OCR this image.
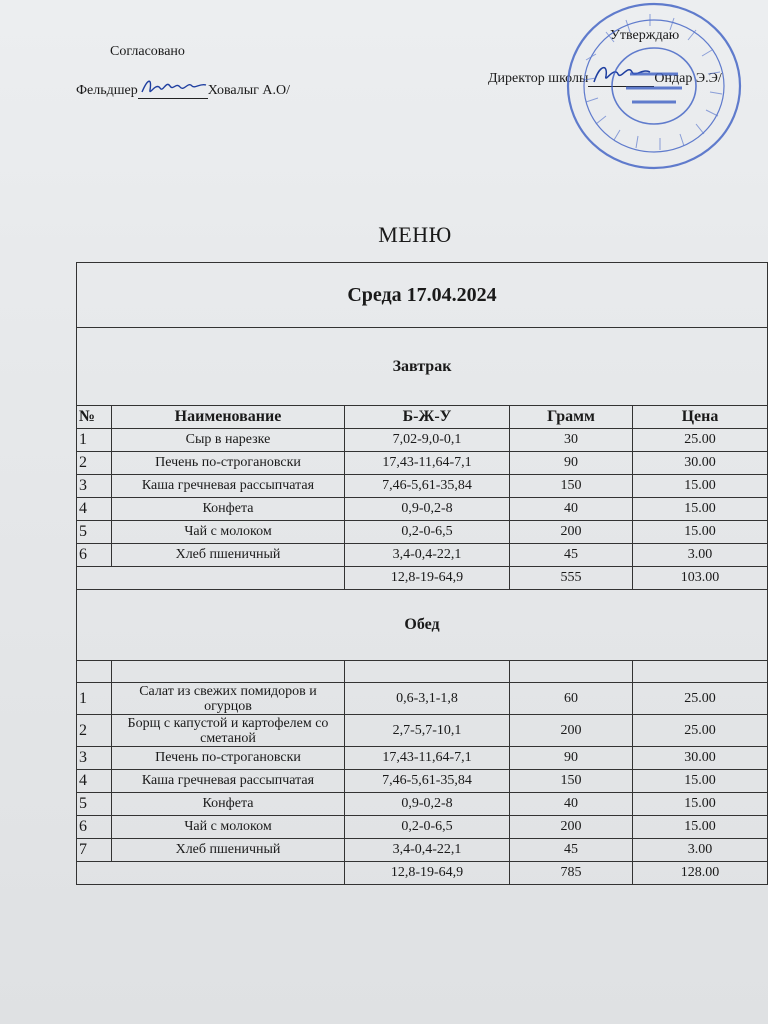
Согласовано
Фельдшер	Ховалыг А.О/
Утверждаю
Директор школы	Ондар Э.Э/
МЕНЮ
Среда 17.04.2024				
Завтрак				
№	Наименование	Б-Ж-У	Грамм	Цена
1	Сыр в нарезке	7,02-9,0-0,1	30	25.00
2	Печень по-строгановски	17,43-11,64-7,1	90	30.00
3	Каша гречневая рассыпчатая	7,46-5,61-35,84	150	15.00
4	Конфета	0,9-0,2-8	40	15.00
5	Чай с молоком	0,2-0-6,5	200	15.00
6	Хлеб пшеничный	3,4-0,4-22,1	45	3.00
		12,8-19-64,9	555	103.00
Обед				

1	Салат из свежих помидоров и огурцов	0,6-3,1-1,8	60	25.00
2	Борщ с капустой и картофелем со сметаной	2,7-5,7-10,1	200	25.00
3	Печень по-строгановски	17,43-11,64-7,1	90	30.00
4	Каша гречневая рассыпчатая	7,46-5,61-35,84	150	15.00
5	Конфета	0,9-0,2-8	40	15.00
6	Чай с молоком	0,2-0-6,5	200	15.00
7	Хлеб пшеничный	3,4-0,4-22,1	45	3.00
		12,8-19-64,9	785	128.00
